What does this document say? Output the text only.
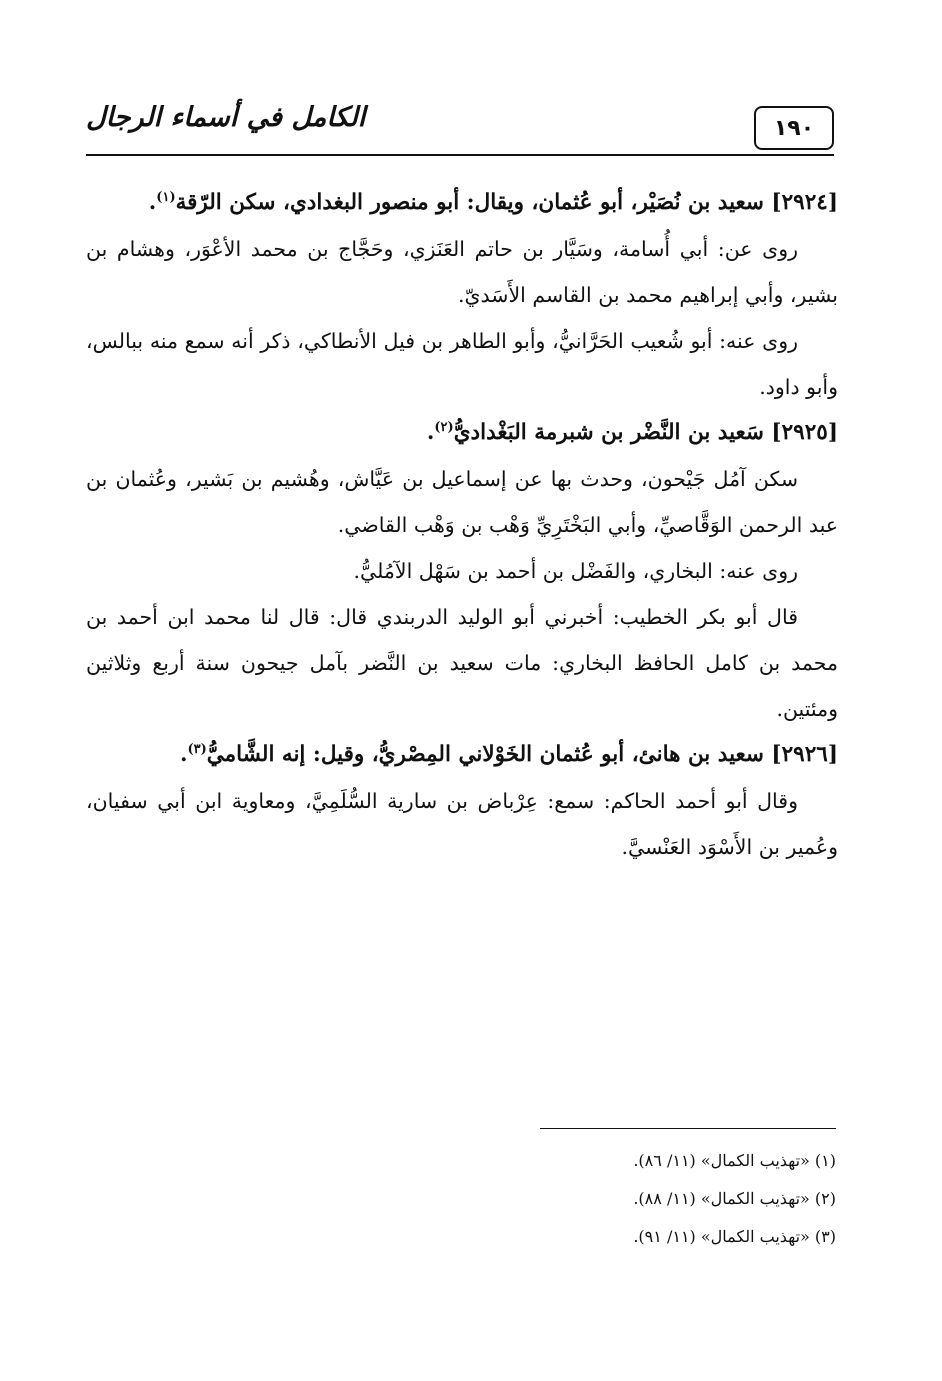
الكامل في أسماء الرجال	١٩٠

[٢٩٢٤] سعيد بن نُصَيْر، أبو عُثمان، ويقال: أبو منصور البغدادي، سكن الرّقة$^{(١)}$.

روى عن: أبي أُسامة، وسَيَّار بن حاتم العَنَزي، وحَجَّاج بن محمد الأعْوَر، وهشام بن بشير، وأبي إبراهيم محمد بن القاسم الأَسَديّ.

روى عنه: أبو شُعيب الحَرَّانيُّ، وأبو الطاهر بن فيل الأنطاكي، ذكر أنه سمع منه ببالس، وأبو داود.

[٢٩٢٥] سَعيد بن النَّضْر بن شبرمة البَغْداديُّ$^{(٢)}$.

سكن آمُل جَيْحون، وحدث بها عن إسماعيل بن عَيَّاش، وهُشيم بن بَشير، وعُثمان بن عبد الرحمن الوَقَّاصيِّ، وأبي البَخْتَرِيِّ وَهْب بن وَهْب القاضي.

روى عنه: البخاري، والفَضْل بن أحمد بن سَهْل الآمُليُّ.

قال أبو بكر الخطيب: أخبرني أبو الوليد الدربندي قال: قال لنا محمد ابن أحمد بن محمد بن كامل الحافظ البخاري: مات سعيد بن النَّضر بآمل جيحون سنة أربع وثلاثين ومئتين.

[٢٩٢٦] سعيد بن هانئ، أبو عُثمان الخَوْلاني المِصْريُّ، وقيل: إنه الشَّاميُّ$^{(٣)}$.

وقال أبو أحمد الحاكم: سمع: عِرْباض بن سارية السُّلَمِيَّ، ومعاوية ابن أبي سفيان، وعُمير بن الأَسْوَد العَنْسيَّ.

(١) «تهذيب الكمال» (١١/ ٨٦).
(٢) «تهذيب الكمال» (١١/ ٨٨).
(٣) «تهذيب الكمال» (١١/ ٩١).
